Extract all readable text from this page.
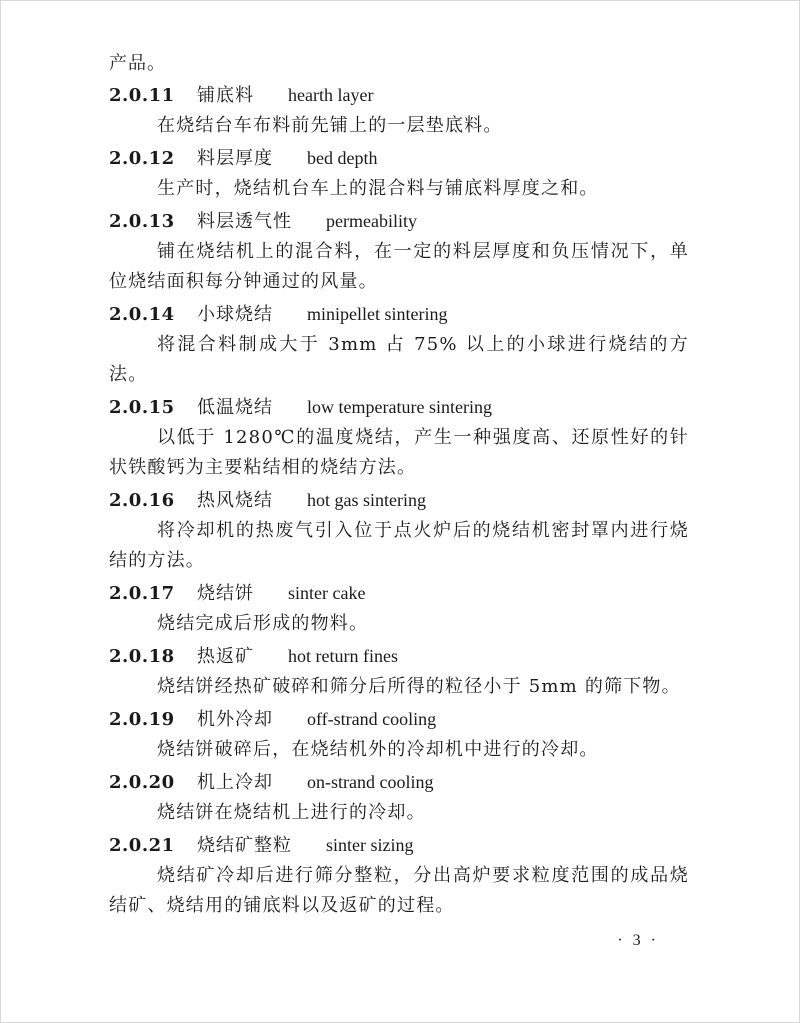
产品。
2.0.11 铺底料 hearth layer
在烧结台车布料前先铺上的一层垫底料。
2.0.12 料层厚度 bed depth
生产时，烧结机台车上的混合料与铺底料厚度之和。
2.0.13 料层透气性 permeability
铺在烧结机上的混合料，在一定的料层厚度和负压情况下，单位烧结面积每分钟通过的风量。
2.0.14 小球烧结 minipellet sintering
将混合料制成大于 3mm 占 75% 以上的小球进行烧结的方法。
2.0.15 低温烧结 low temperature sintering
以低于 1280℃的温度烧结，产生一种强度高、还原性好的针状铁酸钙为主要粘结相的烧结方法。
2.0.16 热风烧结 hot gas sintering
将冷却机的热废气引入位于点火炉后的烧结机密封罩内进行烧结的方法。
2.0.17 烧结饼 sinter cake
烧结完成后形成的物料。
2.0.18 热返矿 hot return fines
烧结饼经热矿破碎和筛分后所得的粒径小于 5mm 的筛下物。
2.0.19 机外冷却 off-strand cooling
烧结饼破碎后，在烧结机外的冷却机中进行的冷却。
2.0.20 机上冷却 on-strand cooling
烧结饼在烧结机上进行的冷却。
2.0.21 烧结矿整粒 sinter sizing
烧结矿冷却后进行筛分整粒，分出高炉要求粒度范围的成品烧结矿、烧结用的铺底料以及返矿的过程。
· 3 ·
